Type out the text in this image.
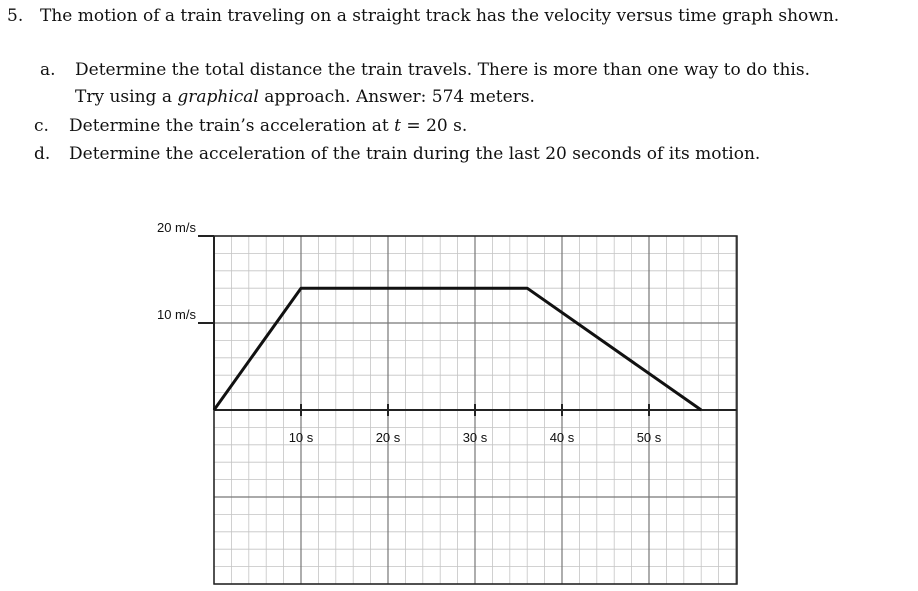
5. The motion of a train traveling on a straight track has the velocity versus time graph shown.
a. Determine the total distance the train travels. There is more than one way to do this.
Try using a graphical approach. Answer: 574 meters.
c. Determine the train’s acceleration at t = 20 s.
d. Determine the acceleration of the train during the last 20 seconds of its motion.
10 s	20 s	30 s	40 s	50 s
10 m/s
20 m/s
